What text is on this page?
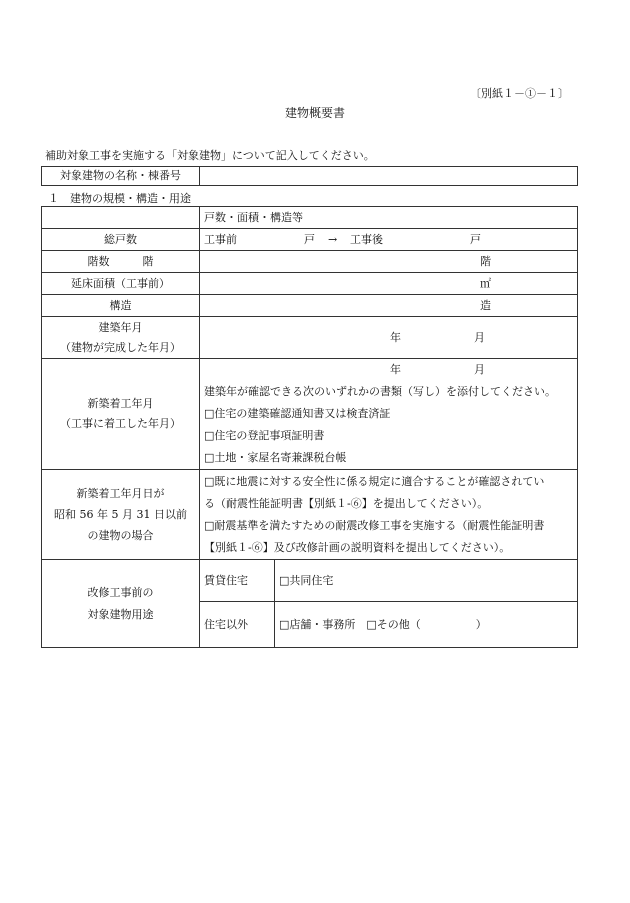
〔別紙１－①－１〕
建物概要書
補助対象工事を実施する「対象建物」について記入してください。
対象建物の名称・棟番号	
１　建物の規模・構造・用途
	戸数・面積・構造等	
総戸数	工事前 戸 → 工事後 戸	
階数　　　階	階	
延床面積（工事前）	㎡	
構造	造	

建築年月
（建物が完成した年月）	年 月	

新築着工年月
（工事に着工した年月）	年 月
建築年が確認できる次のいずれかの書類（写し）を添付してください。
□住宅の建築確認通知書又は検査済証
□住宅の登記事項証明書
□土地・家屋名寄兼課税台帳	

新築着工年月日が
昭和 56 年 5 月 31 日以前
の建物の場合	□既に地震に対する安全性に係る規定に適合することが確認されてい
る（耐震性能証明書【別紙１-⑥】を提出してください）。
□耐震基準を満たすための耐震改修工事を実施する（耐震性能証明書
【別紙１-⑥】及び改修計画の説明資料を提出してください）。	

改修工事前の
対象建物用途	賃貸住宅	□共同住宅
	住宅以外	□店舗・事務所　□その他（　　　　　）
